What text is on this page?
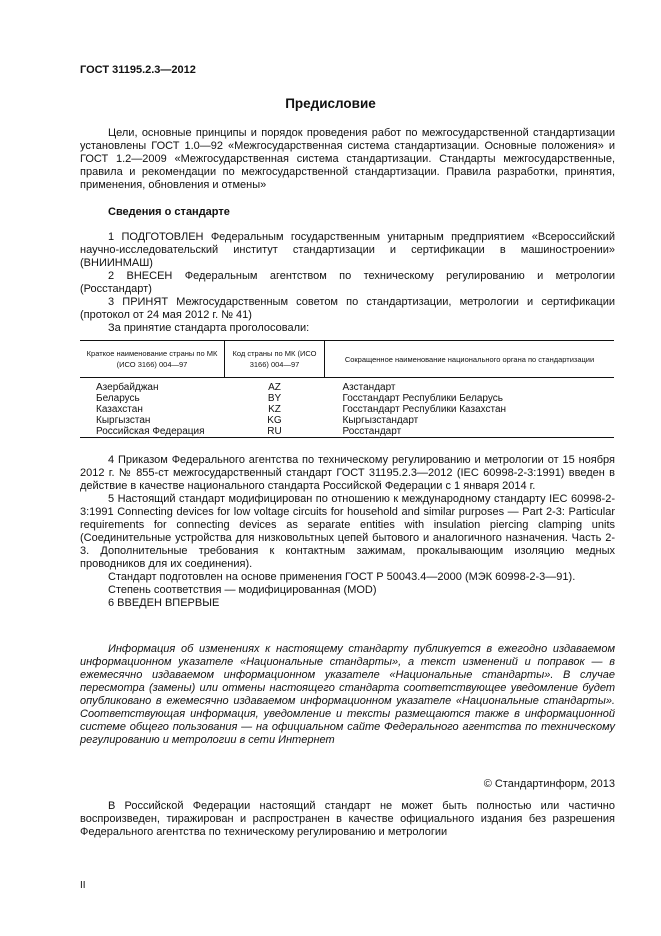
ГОСТ 31195.2.3—2012
Предисловие
Цели, основные принципы и порядок проведения работ по межгосударственной стандартизации установлены ГОСТ 1.0—92 «Межгосударственная система стандартизации. Основные положения» и ГОСТ 1.2—2009 «Межгосударственная система стандартизации. Стандарты межгосударственные, правила и рекомендации по межгосударственной стандартизации. Правила разработки, принятия, применения, обновления и отмены»
Сведения о стандарте
1 ПОДГОТОВЛЕН Федеральным государственным унитарным предприятием «Всероссийский научно-исследовательский институт стандартизации и сертификации в машиностроении» (ВНИИНМАШ)
2 ВНЕСЕН Федеральным агентством по техническому регулированию и метрологии (Росстандарт)
3 ПРИНЯТ Межгосударственным советом по стандартизации, метрологии и сертификации (протокол от 24 мая 2012 г. № 41)
За принятие стандарта проголосовали:
Краткое наименование страны по МК (ИСО 3166) 004—97	Код страны по МК (ИСО 3166) 004—97	Сокращенное наименование национального органа по стандартизации
Азербайджан	AZ	Азстандарт
Беларусь	BY	Госстандарт Республики Беларусь
Казахстан	KZ	Госстандарт Республики Казахстан
Кыргызстан	KG	Кыргызстандарт
Российская Федерация	RU	Росстандарт
4 Приказом Федерального агентства по техническому регулированию и метрологии от 15 ноября 2012 г. № 855-ст межгосударственный стандарт ГОСТ 31195.2.3—2012 (IEC 60998-2-3:1991) введен в действие в качестве национального стандарта Российской Федерации с 1 января 2014 г.
5 Настоящий стандарт модифицирован по отношению к международному стандарту IEC 60998-2-3:1991 Connecting devices for low voltage circuits for household and similar purposes — Part 2-3: Particular requirements for connecting devices as separate entities with insulation piercing clamping units (Соединительные устройства для низковольтных цепей бытового и аналогичного назначения. Часть 2-3. Дополнительные требования к контактным зажимам, прокалывающим изоляцию медных проводников для их соединения).
Стандарт подготовлен на основе применения ГОСТ Р 50043.4—2000 (МЭК 60998-2-3—91).
Степень соответствия — модифицированная (MOD)
6 ВВЕДЕН ВПЕРВЫЕ
Информация об изменениях к настоящему стандарту публикуется в ежегодно издаваемом информационном указателе «Национальные стандарты», а текст изменений и поправок — в ежемесячно издаваемом информационном указателе «Национальные стандарты». В случае пересмотра (замены) или отмены настоящего стандарта соответствующее уведомление будет опубликовано в ежемесячно издаваемом информационном указателе «Национальные стандарты». Соответствующая информация, уведомление и тексты размещаются также в информационной системе общего пользования — на официальном сайте Федерального агентства по техническому регулированию и метрологии в сети Интернет
© Стандартинформ, 2013
В Российской Федерации настоящий стандарт не может быть полностью или частично воспроизведен, тиражирован и распространен в качестве официального издания без разрешения Федерального агентства по техническому регулированию и метрологии
II
